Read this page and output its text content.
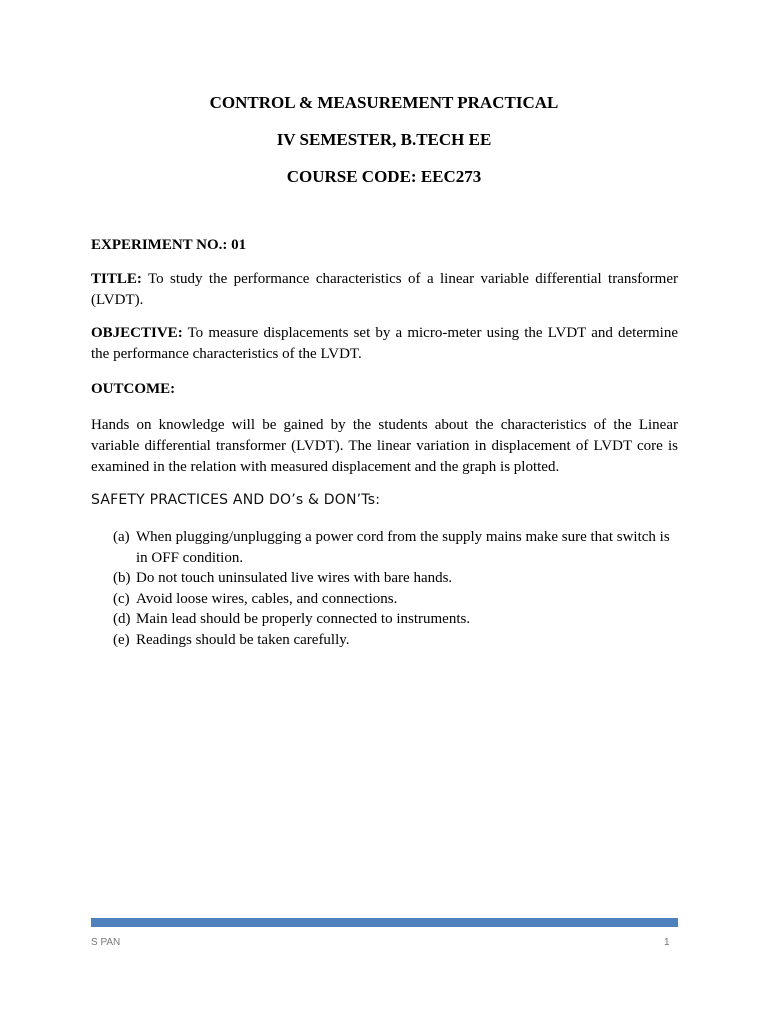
CONTROL & MEASUREMENT PRACTICAL
IV SEMESTER, B.TECH EE
COURSE CODE: EEC273
EXPERIMENT NO.: 01
TITLE: To study the performance characteristics of a linear variable differential transformer (LVDT).
OBJECTIVE: To measure displacements set by a micro-meter using the LVDT and determine the performance characteristics of the LVDT.
OUTCOME:
Hands on knowledge will be gained by the students about the characteristics of the Linear variable differential transformer (LVDT). The linear variation in displacement of LVDT core is examined in the relation with measured displacement and the graph is plotted.
SAFETY PRACTICES AND DO’s & DON’Ts:
(a) When plugging/unplugging a power cord from the supply mains make sure that switch is in OFF condition.
(b) Do not touch uninsulated live wires with bare hands.
(c) Avoid loose wires, cables, and connections.
(d) Main lead should be properly connected to instruments.
(e) Readings should be taken carefully.
S PAN	1
